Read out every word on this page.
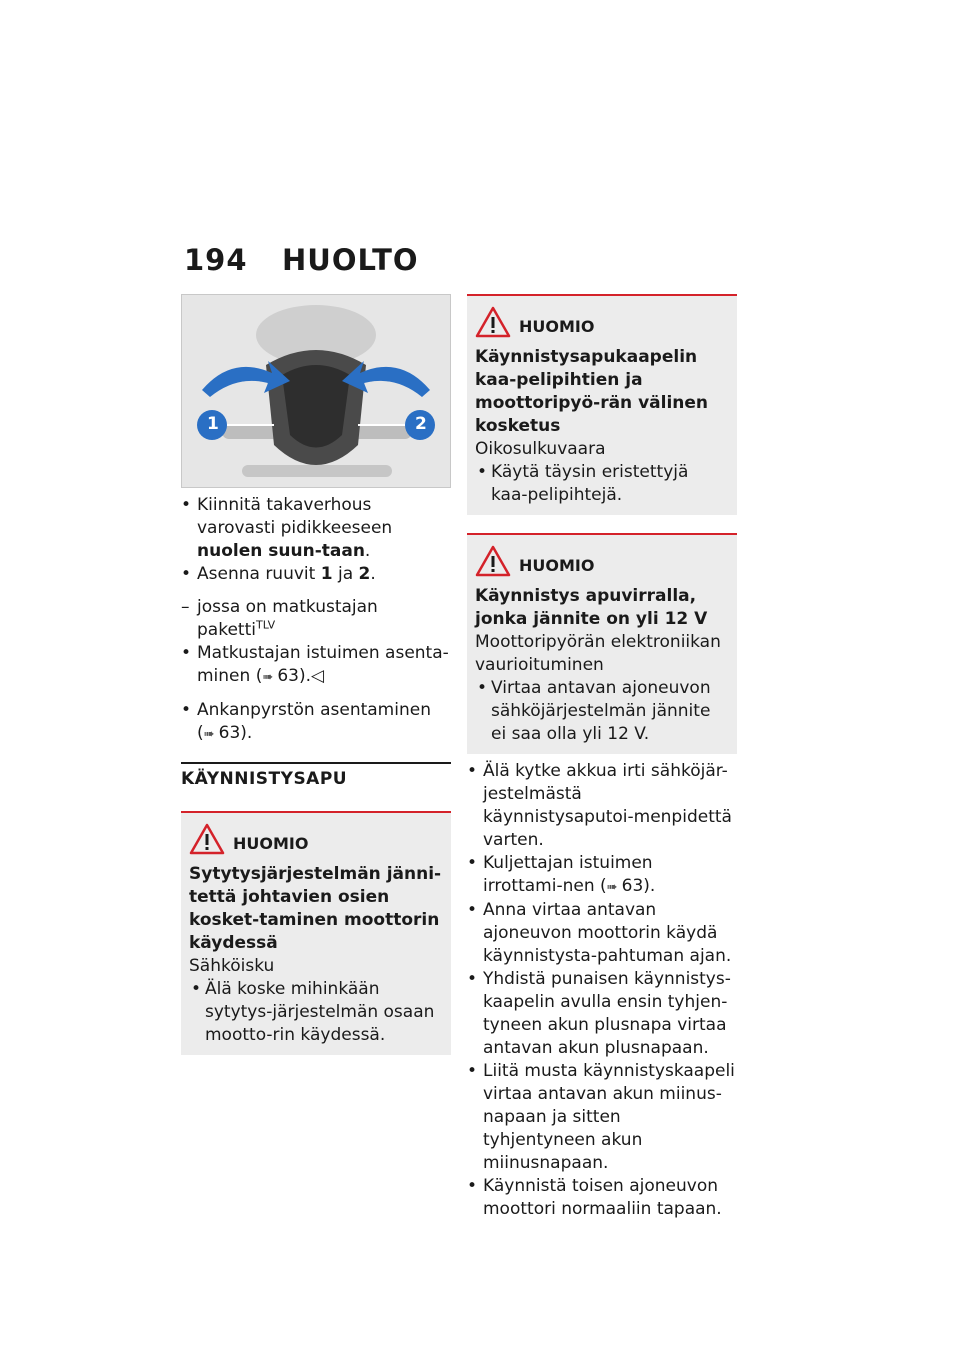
194 HUOLTO
1	2

• Kiinnitä takaverhous varovasti pidikkeeseen nuolen suun-taan.

• Asenna ruuvit 1 ja 2.

– jossa on matkustajan paketti$^{TLV}$

• Matkustajan istuimen asenta-minen (➠ 63).◁

• Ankanpyrstön asentaminen (➠ 63).

KÄYNNISTYSAPU
HUOMIO

Sytytysjärjestelmän jänni-tettä johtavien osien kosket-taminen moottorin käydessä

Sähköisku

• Älä koske mihinkään sytytys-järjestelmän osaan mootto-rin käydessä.

HUOMIO

Käynnistysapukaapelin kaa-pelipihtien ja moottoripyö-rän välinen kosketus

Oikosulkuvaara

• Käytä täysin eristettyjä kaa-pelipihtejä.

HUOMIO

Käynnistys apuvirralla, jonka jännite on yli 12 V

Moottoripyörän elektroniikan vaurioituminen

• Virtaa antavan ajoneuvon sähköjärjestelmän jännite ei saa olla yli 12 V.

• Älä kytke akkua irti sähköjär-jestelmästä käynnistysaputoi-menpidettä varten.

• Kuljettajan istuimen irrottami-nen (➠ 63).

• Anna virtaa antavan ajoneuvon moottorin käydä käynnistysta-pahtuman ajan.

• Yhdistä punaisen käynnistys-kaapelin avulla ensin tyhjen-tyneen akun plusnapa virtaa antavan akun plusnapaan.

• Liitä musta käynnistyskaapeli virtaa antavan akun miinus-napaan ja sitten tyhjentyneen akun miinusnapaan.

• Käynnistä toisen ajoneuvon moottori normaaliin tapaan.
